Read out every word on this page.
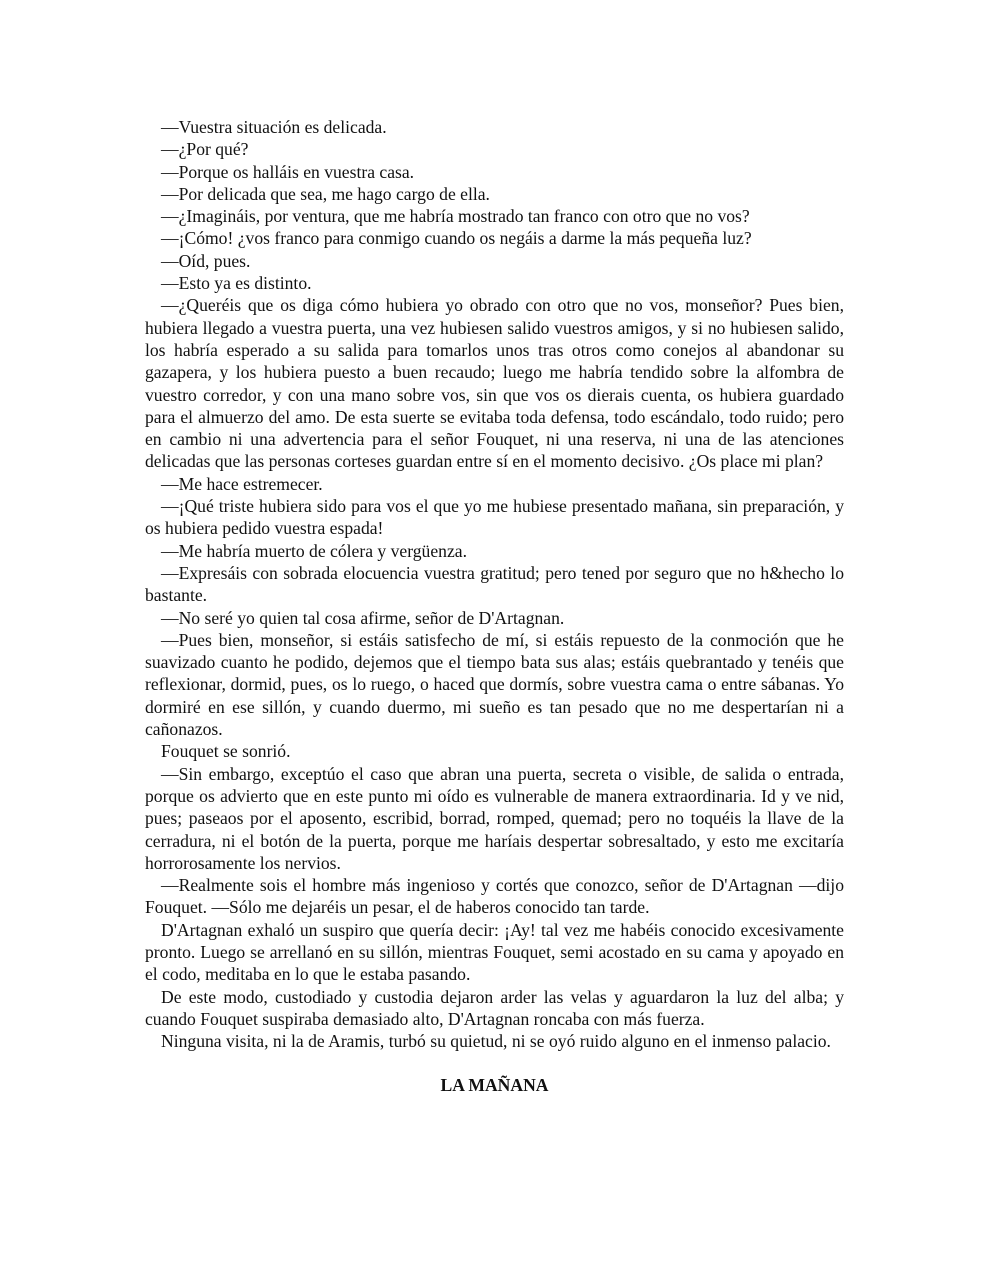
—Vuestra situación es delicada.

—¿Por qué?

—Porque os halláis en vuestra casa.

—Por delicada que sea, me hago cargo de ella.

—¿Imagináis, por ventura, que me habría mostrado tan franco con otro que no vos?

—¡Cómo! ¿vos franco para conmigo cuando os negáis a darme la más pequeña luz?

—Oíd, pues.

—Esto ya es distinto.

—¿Queréis que os diga cómo hubiera yo obrado con otro que no vos, monseñor? Pues bien, hubiera llegado a vuestra puerta, una vez hubiesen salido vuestros amigos, y si no hubiesen salido, los habría esperado a su salida para tomarlos unos tras otros como conejos al abandonar su gazapera, y los hubiera puesto a buen recaudo; luego me habría tendido sobre la alfombra de vuestro corredor, y con una mano sobre vos, sin que vos os dierais cuenta, os hubiera guardado para el almuerzo del amo. De esta suerte se evitaba toda defensa, todo escándalo, todo ruido; pero en cambio ni una advertencia para el señor Fouquet, ni una reserva, ni una de las atenciones delicadas que las personas corteses guardan entre sí en el momento decisivo. ¿Os place mi plan?

—Me hace estremecer.

—¡Qué triste hubiera sido para vos el que yo me hubiese presentado mañana, sin preparación, y os hubiera pedido vuestra espada!

—Me habría muerto de cólera y vergüenza.

—Expresáis con sobrada elocuencia vuestra gratitud; pero tened por seguro que no h&hecho lo bastante.

—No seré yo quien tal cosa afirme, señor de D'Artagnan.

—Pues bien, monseñor, si estáis satisfecho de mí, si estáis repuesto de la conmoción que he suavizado cuanto he podido, dejemos que el tiempo bata sus alas; estáis quebrantado y tenéis que reflexionar, dormid, pues, os lo ruego, o haced que dormís, sobre vuestra cama o entre sábanas. Yo dormiré en ese sillón, y cuando duermo, mi sueño es tan pesado que no me despertarían ni a cañonazos.

Fouquet se sonrió.

—Sin embargo, exceptúo el caso que abran una puerta, secreta o visible, de salida o entrada, porque os advierto que en este punto mi oído es vulnerable de manera extraordinaria. Id y ve nid, pues; paseaos por el aposento, escribid, borrad, romped, quemad; pero no toquéis la llave de la cerradura, ni el botón de la puerta, porque me haríais despertar sobresaltado, y esto me excitaría horrorosamente los nervios.

—Realmente sois el hombre más ingenioso y cortés que conozco, señor de D'Artagnan —dijo Fouquet. —Sólo me dejaréis un pesar, el de haberos conocido tan tarde.

D'Artagnan exhaló un suspiro que quería decir: ¡Ay! tal vez me habéis conocido excesivamente pronto. Luego se arrellanó en su sillón, mientras Fouquet, semi acostado en su cama y apoyado en el codo, meditaba en lo que le estaba pasando.

De este modo, custodiado y custodia dejaron arder las velas y aguardaron la luz del alba; y cuando Fouquet suspiraba demasiado alto, D'Artagnan roncaba con más fuerza.

Ninguna visita, ni la de Aramis, turbó su quietud, ni se oyó ruido alguno en el inmenso palacio.

LA MAÑANA
